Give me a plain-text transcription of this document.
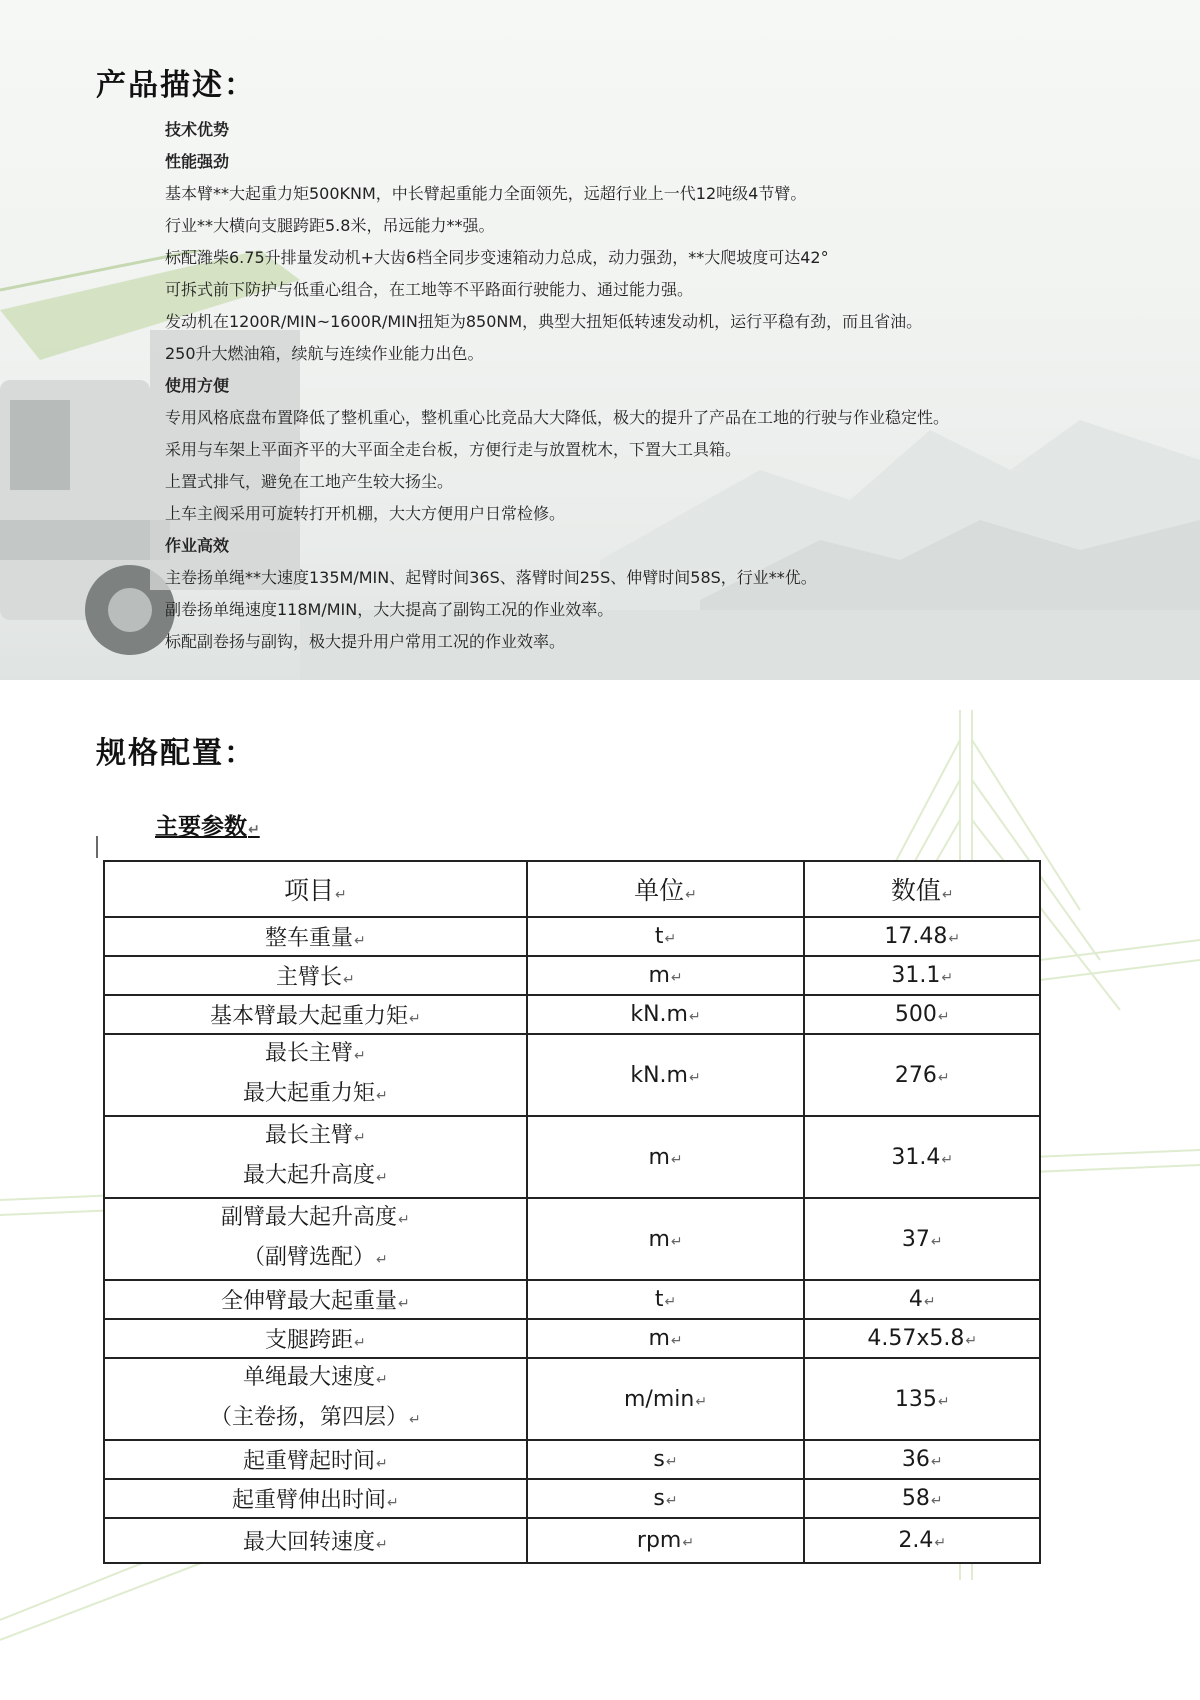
产品描述：
技术优势
性能强劲
基本臂**大起重力矩500KNM，中长臂起重能力全面领先，远超行业上一代12吨级4节臂。
行业**大横向支腿跨距5.8米，吊远能力**强。
标配潍柴6.75升排量发动机+大齿6档全同步变速箱动力总成，动力强劲，**大爬坡度可达42°
可拆式前下防护与低重心组合，在工地等不平路面行驶能力、通过能力强。
发动机在1200R/MIN~1600R/MIN扭矩为850NM，典型大扭矩低转速发动机，运行平稳有劲，而且省油。
250升大燃油箱，续航与连续作业能力出色。
使用方便
专用风格底盘布置降低了整机重心，整机重心比竞品大大降低，极大的提升了产品在工地的行驶与作业稳定性。
采用与车架上平面齐平的大平面全走台板，方便行走与放置枕木，下置大工具箱。
上置式排气，避免在工地产生较大扬尘。
上车主阀采用可旋转打开机棚，大大方便用户日常检修。
作业高效
主卷扬单绳**大速度135M/MIN、起臂时间36S、落臂时间25S、伸臂时间58S，行业**优。
副卷扬单绳速度118M/MIN，大大提高了副钩工况的作业效率。
标配副卷扬与副钩，极大提升用户常用工况的作业效率。
规格配置：
主要参数↵
项目↵	单位↵	数值↵
整车重量↵	t↵	17.48↵
主臂长↵	m↵	31.1↵
基本臂最大起重力矩↵	kN.m↵	500↵

最长主臂↵
最大起重力矩↵	kN.m↵	276↵

最长主臂↵
最大起升高度↵	m↵	31.4↵

副臂最大起升高度↵
（副臂选配）↵	m↵	37↵
全伸臂最大起重量↵	t↵	4↵
支腿跨距↵	m↵	4.57x5.8↵

单绳最大速度↵
（主卷扬，第四层）↵	m/min↵	135↵
起重臂起时间↵	s↵	36↵
起重臂伸出时间↵	s↵	58↵
最大回转速度↵	rpm↵	2.4↵
